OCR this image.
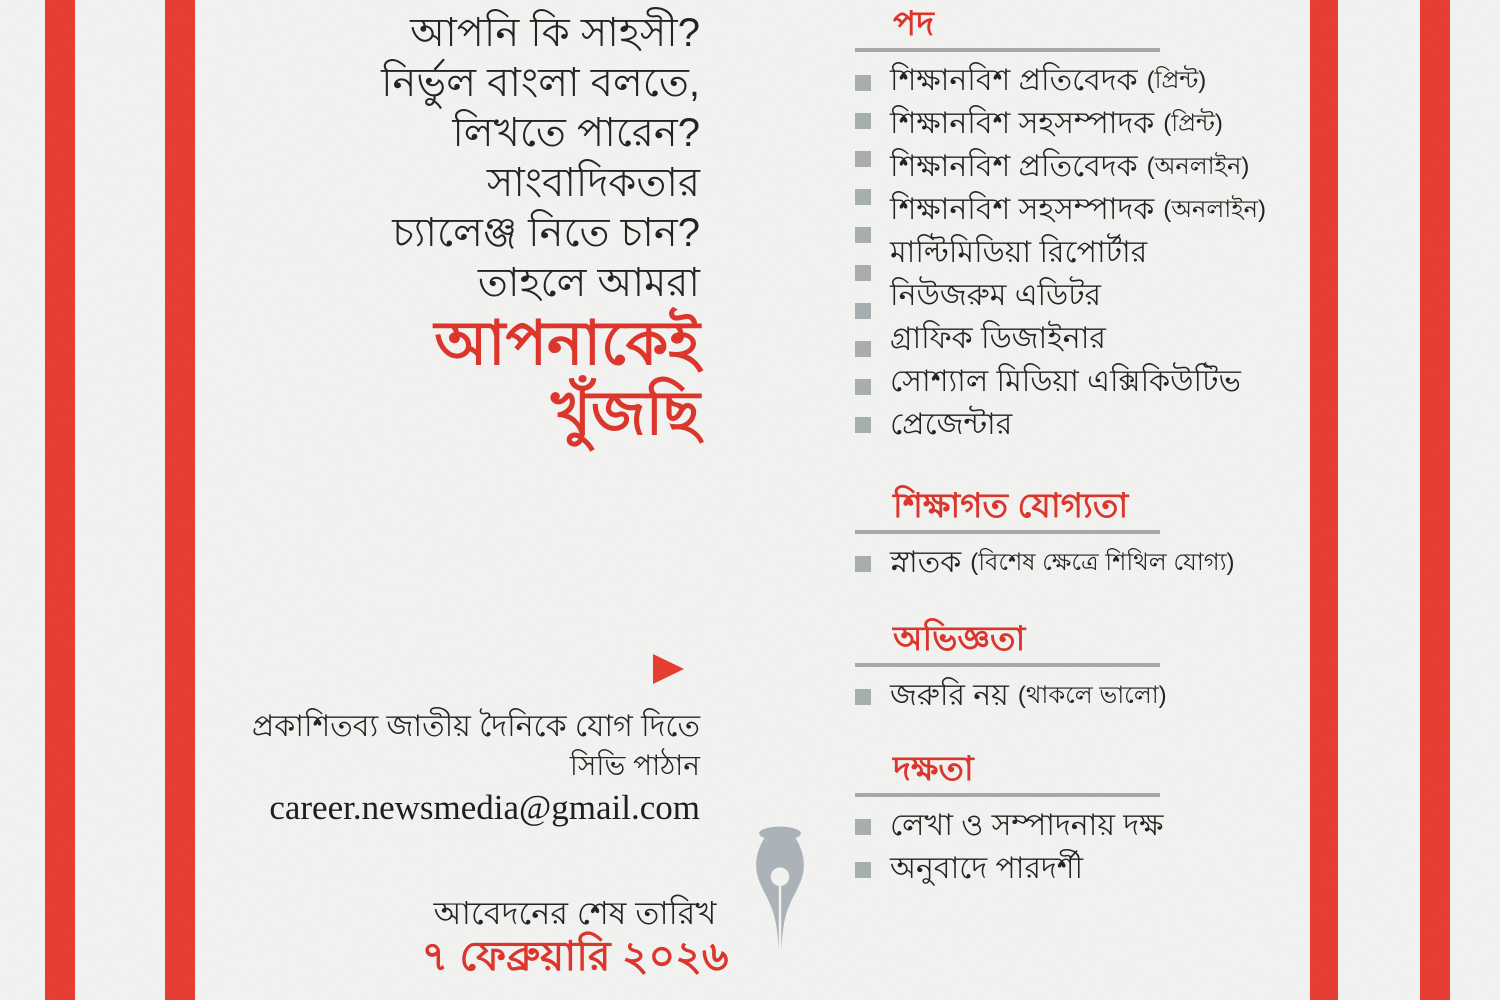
আপনি কি সাহসী?
নির্ভুল বাংলা বলতে,
লিখতে পারেন?
সাংবাদিকতার
চ্যালেঞ্জ নিতে চান?
তাহলে আমরা
আপনাকেই
খুঁজছি
প্রকাশিতব্য জাতীয় দৈনিকে যোগ দিতে
সিভি পাঠান
career.newsmedia@gmail.com
আবেদনের শেষ তারিখ
৭ ফেব্রুয়ারি ২০২৬
পদ
শিক্ষানবিশ প্রতিবেদক (প্রিন্ট)
শিক্ষানবিশ সহসম্পাদক (প্রিন্ট)
শিক্ষানবিশ প্রতিবেদক (অনলাইন)
শিক্ষানবিশ সহসম্পাদক (অনলাইন)
মাল্টিমিডিয়া রিপোর্টার
নিউজরুম এডিটর
গ্রাফিক ডিজাইনার
সোশ্যাল মিডিয়া এক্সিকিউটিভ
প্রেজেন্টার
শিক্ষাগত যোগ্যতা
স্নাতক (বিশেষ ক্ষেত্রে শিথিল যোগ্য)
অভিজ্ঞতা
জরুরি নয় (থাকলে ভালো)
দক্ষতা
লেখা ও সম্পাদনায় দক্ষ
অনুবাদে পারদর্শী
